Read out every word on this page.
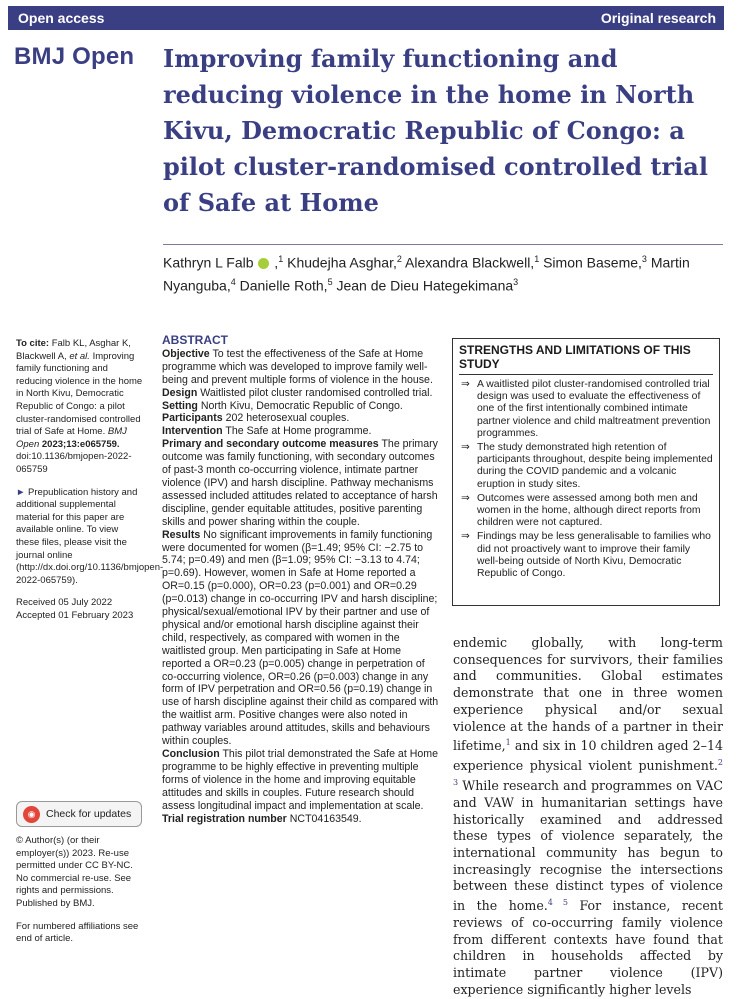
Open access	Original research
BMJ Open Improving family functioning and reducing violence in the home in North Kivu, Democratic Republic of Congo: a pilot cluster-randomised controlled trial of Safe at Home
Kathryn L Falb  ,$^1$ Khudejha Asghar,$^2$ Alexandra Blackwell,$^1$ Simon Baseme,$^3$ Martin Nyanguba,$^4$ Danielle Roth,$^5$ Jean de Dieu Hategekimana$^3$

To cite: Falb KL, Asghar K, Blackwell A, et al. Improving family functioning and reducing violence in the home in North Kivu, Democratic Republic of Congo: a pilot cluster-randomised controlled trial of Safe at Home. BMJ Open 2023;13:e065759. doi:10.1136/bmjopen-2022-065759

► Prepublication history and additional supplemental material for this paper are available online. To view these files, please visit the journal online (http://dx.doi.org/10.1136/bmjopen-2022-065759).

Received 05 July 2022
Accepted 01 February 2023

◉	Check for updates

© Author(s) (or their employer(s)) 2023. Re-use permitted under CC BY-NC. No commercial re-use. See rights and permissions. Published by BMJ.

For numbered affiliations see end of article.

ABSTRACT

Objective To test the effectiveness of the Safe at Home programme which was developed to improve family well-being and prevent multiple forms of violence in the house.

Design Waitlisted pilot cluster randomised controlled trial.

Setting North Kivu, Democratic Republic of Congo.

Participants 202 heterosexual couples.

Intervention The Safe at Home programme.

Primary and secondary outcome measures The primary outcome was family functioning, with secondary outcomes of past-3 month co-occurring violence, intimate partner violence (IPV) and harsh discipline. Pathway mechanisms assessed included attitudes related to acceptance of harsh discipline, gender equitable attitudes, positive parenting skills and power sharing within the couple.

Results No significant improvements in family functioning were documented for women (β=1.49; 95% CI: −2.75 to 5.74; p=0.49) and men (β=1.09; 95% CI: −3.13 to 4.74; p=0.69). However, women in Safe at Home reported a OR=0.15 (p=0.000), OR=0.23 (p=0.001) and OR=0.29 (p=0.013) change in co-occurring IPV and harsh discipline; physical/sexual/emotional IPV by their partner and use of physical and/or emotional harsh discipline against their child, respectively, as compared with women in the waitlisted group. Men participating in Safe at Home reported a OR=0.23 (p=0.005) change in perpetration of co-occurring violence, OR=0.26 (p=0.003) change in any form of IPV perpetration and OR=0.56 (p=0.19) change in use of harsh discipline against their child as compared with the waitlist arm. Positive changes were also noted in pathway variables around attitudes, skills and behaviours within couples.

Conclusion This pilot trial demonstrated the Safe at Home programme to be highly effective in preventing multiple forms of violence in the home and improving equitable attitudes and skills in couples. Future research should assess longitudinal impact and implementation at scale.

Trial registration number NCT04163549.

STRENGTHS AND LIMITATIONS OF THIS STUDY
⇒ A waitlisted pilot cluster-randomised controlled trial design was used to evaluate the effectiveness of one of the first intentionally combined intimate partner violence and child maltreatment prevention programmes.
⇒ The study demonstrated high retention of participants throughout, despite being implemented during the COVID pandemic and a volcanic eruption in study sites.
⇒ Outcomes were assessed among both men and women in the home, although direct reports from children were not captured.
⇒ Findings may be less generalisable to families who did not proactively want to improve their family well-being outside of North Kivu, Democratic Republic of Congo.

endemic globally, with long-term consequences for survivors, their families and communities. Global estimates demonstrate that one in three women experience physical and/or sexual violence at the hands of a partner in their lifetime,$^1$ and six in 10 children aged 2–14 experience physical violent punishment.$^{2 3}$ While research and programmes on VAC and VAW in humanitarian settings have historically examined and addressed these types of violence separately, the international community has begun to increasingly recognise the intersections between these distinct types of violence in the home.$^{4 5}$ For instance, recent reviews of co-occurring family violence from different contexts have found that children in households affected by intimate partner violence (IPV) experience significantly higher levels
